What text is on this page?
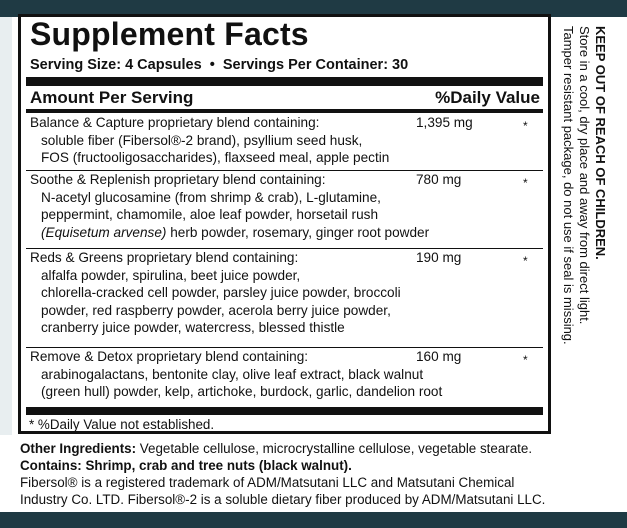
Supplement Facts
Serving Size: 4 Capsules  •  Servings Per Container: 30
Amount Per Serving	%Daily Value
Balance & Capture proprietary blend containing:	1,395 mg	*
soluble fiber (Fibersol®-2 brand), psyllium seed husk,
FOS (fructooligosaccharides), flaxseed meal, apple pectin
Soothe & Replenish proprietary blend containing:	780 mg	*
N-acetyl glucosamine (from shrimp & crab), L-glutamine,
peppermint, chamomile, aloe leaf powder, horsetail rush
(Equisetum arvense) herb powder, rosemary, ginger root powder
Reds & Greens proprietary blend containing:	190 mg	*
alfalfa powder, spirulina, beet juice powder,
chlorella-cracked cell powder, parsley juice powder, broccoli
powder, red raspberry powder, acerola berry juice powder,
cranberry juice powder, watercress, blessed thistle
Remove & Detox proprietary blend containing:	160 mg	*
arabinogalactans, bentonite clay, olive leaf extract, black walnut
(green hull) powder, kelp, artichoke, burdock, garlic, dandelion root
* %Daily Value not established.
KEEP OUT OF REACH OF CHILDREN.
Store in a cool, dry place and away from direct light.
Tamper resistant package, do not use if seal is missing.
Other Ingredients: Vegetable cellulose, microcrystalline cellulose, vegetable stearate.
Contains: Shrimp, crab and tree nuts (black walnut).
Fibersol® is a registered trademark of ADM/Matsutani LLC and Matsutani Chemical
Industry Co. LTD. Fibersol®-2 is a soluble dietary fiber produced by ADM/Matsutani LLC.
